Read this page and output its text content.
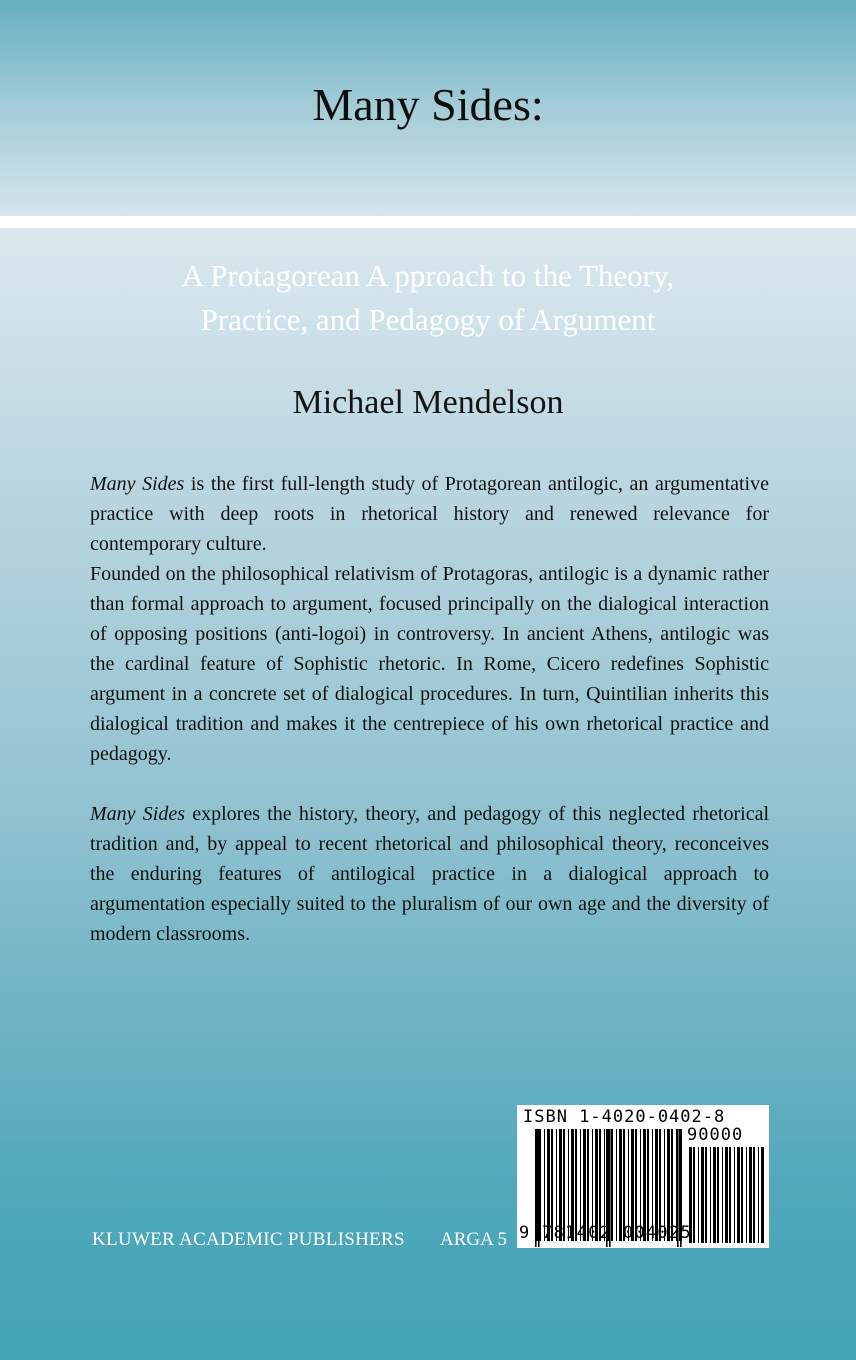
Many Sides:
A Protagorean A pproach to the Theory,
Practice, and Pedagogy of Argument
Michael Mendelson

Many Sides is the first full-length study of Protagorean antilogic, an argumentative practice with deep roots in rhetorical history and renewed relevance for contemporary culture.

Founded on the philosophical relativism of Protagoras, antilogic is a dynamic rather than formal approach to argument, focused principally on the dialogical interaction of opposing positions (anti-logoi) in controversy. In ancient Athens, antilogic was the cardinal feature of Sophistic rhetoric. In Rome, Cicero redefines Sophistic argument in a concrete set of dialogical procedures. In turn, Quintilian inherits this dialogical tradition and makes it the centrepiece of his own rhetorical practice and pedagogy.

Many Sides explores the history, theory, and pedagogy of this neglected rhetorical tradition and, by appeal to recent rhetorical and philosophical theory, reconceives the enduring features of antilogical practice in a dialogical approach to argumentation especially suited to the pluralism of our own age and the diversity of modern classrooms.

KLUWER ACADEMIC PUBLISHERS ARGA 5
ISBN 1-4020-0402-8
90000
9 781402 004025
